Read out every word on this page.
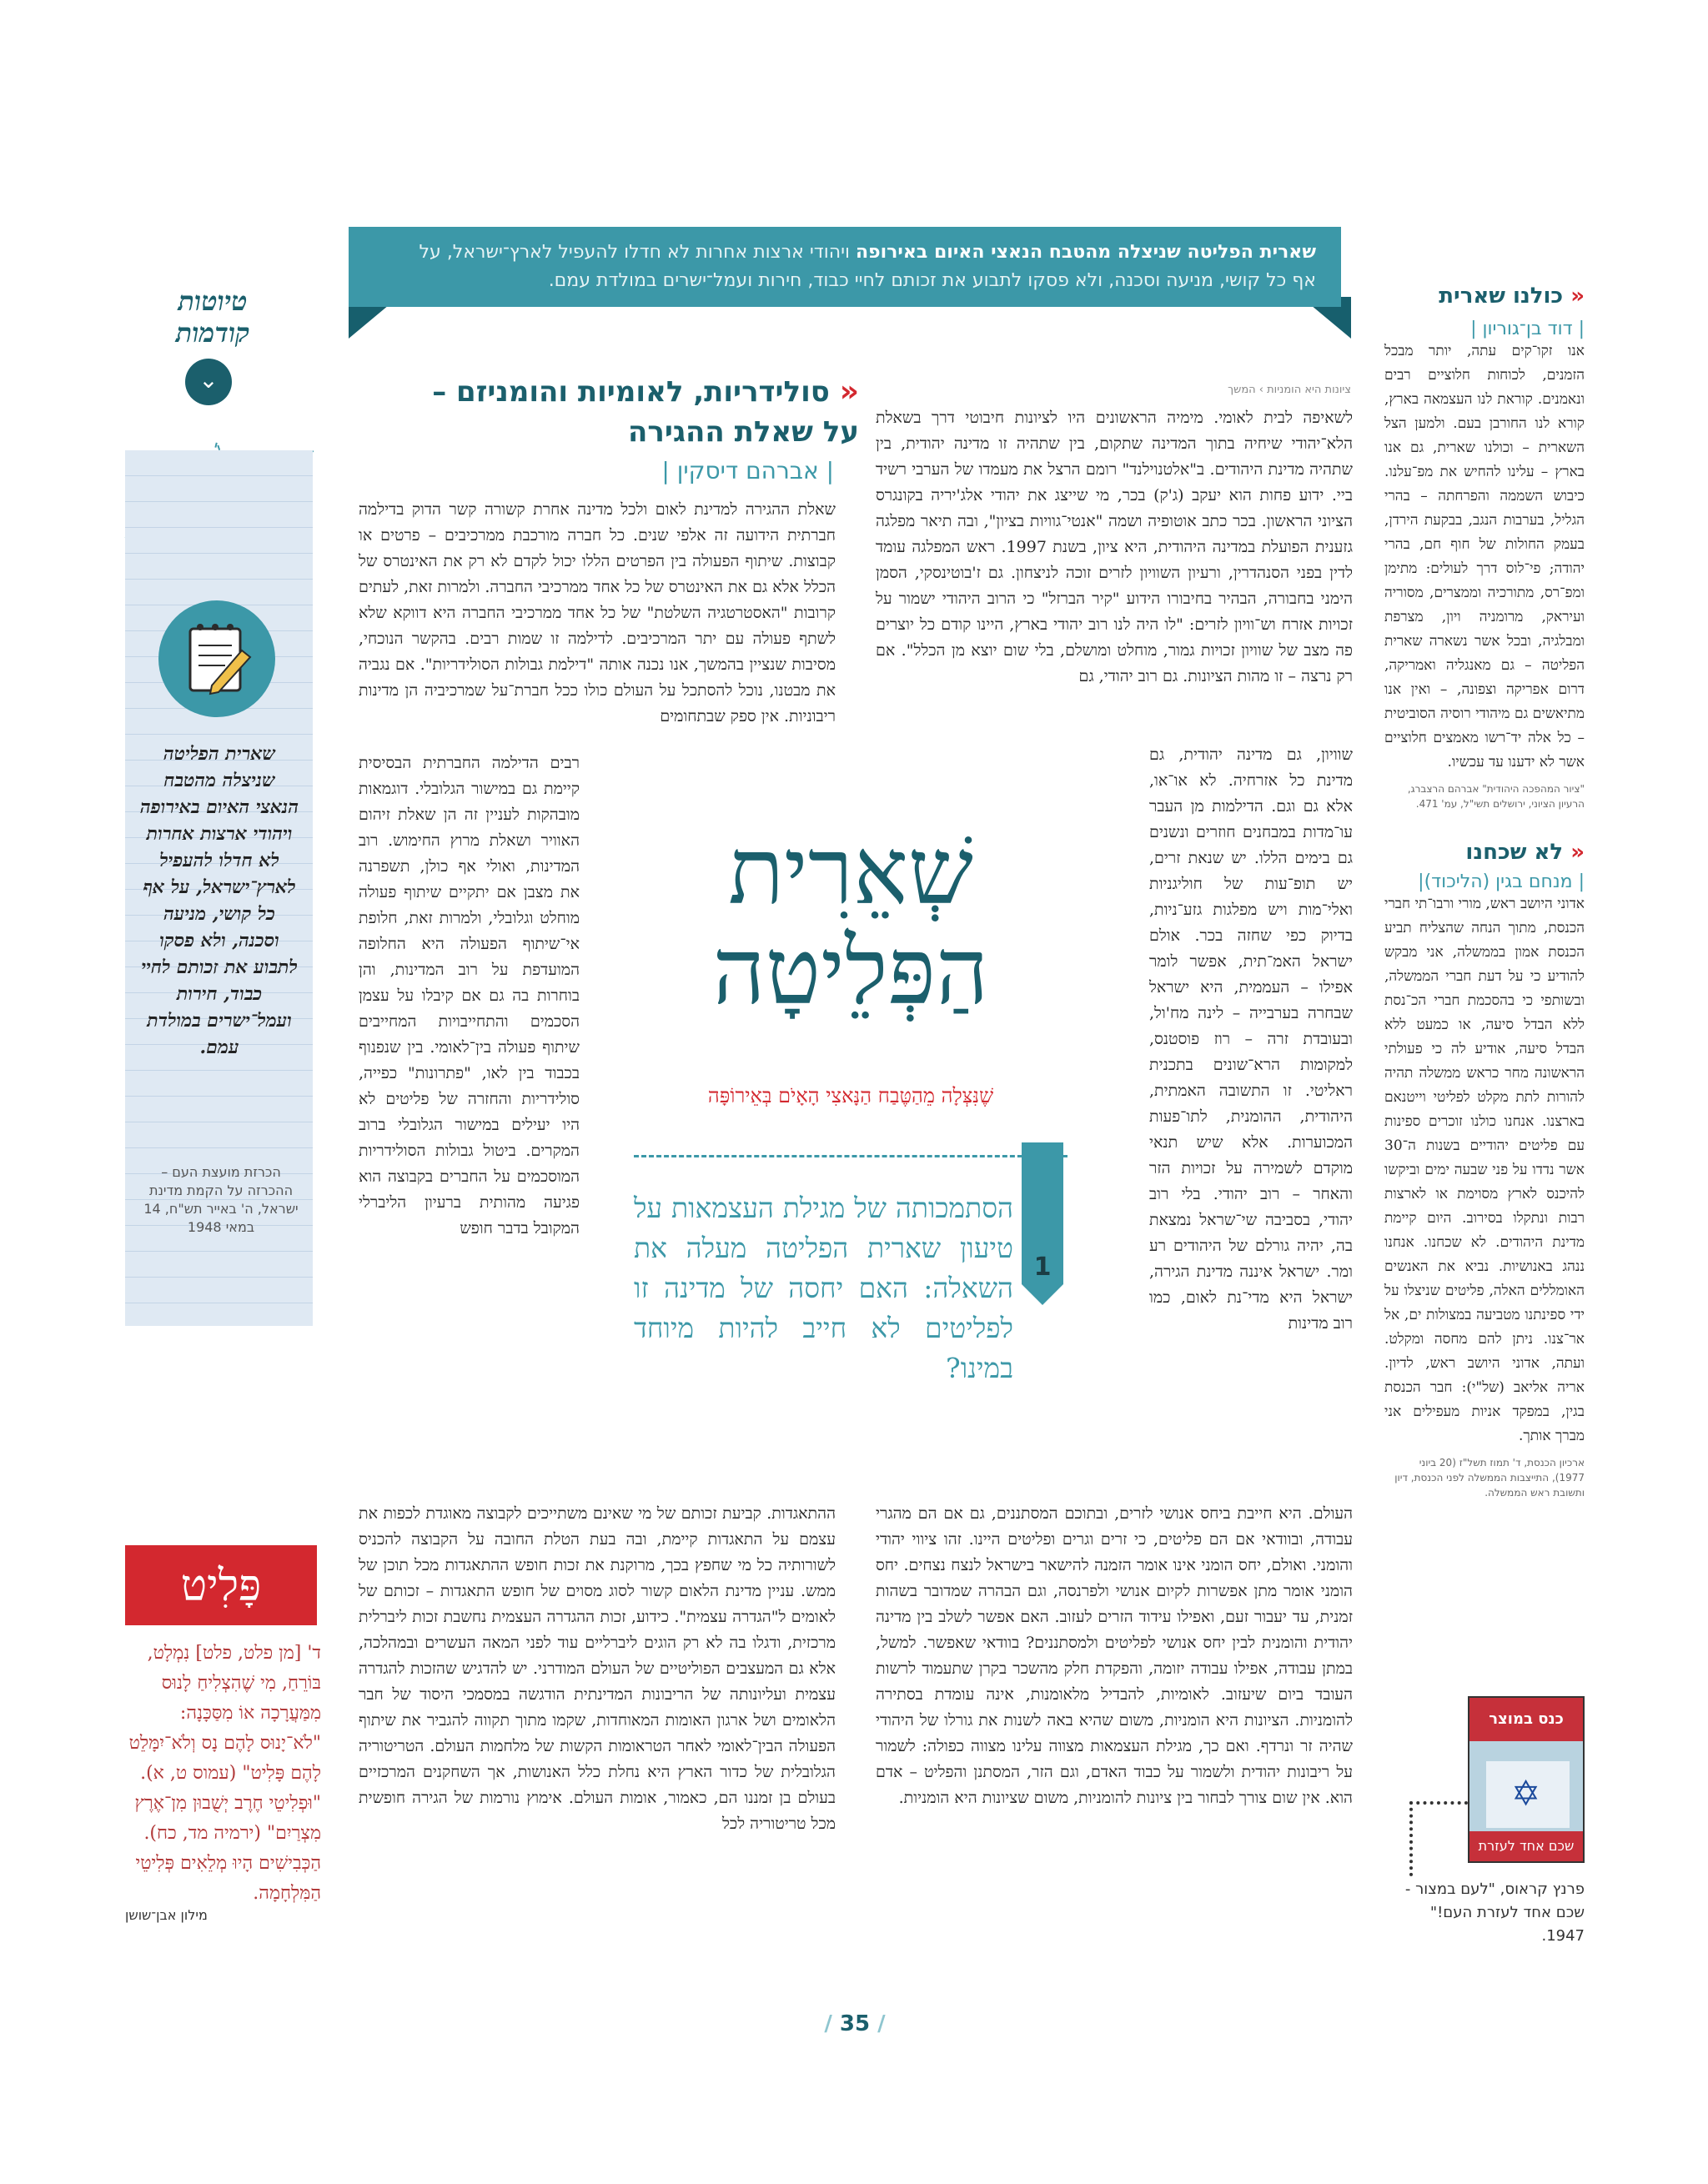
שארית הפליטה שניצלה מהטבח הנאצי האיום באירופה ויהודי ארצות אחרות לא חדלו להעפיל לארץ־ישראל, על
אף כל קושי, מניעה וסכנה, ולא פסקו לתבוע את זכותם לחיי כבוד, חירות ועמל־ישרים במולדת עמם.
טיוטות קודמות
⌄
שארית הפליטה שניצלה מהטבח הנאצי האיום באירופה ויהודי ארצות אחרות לא חדלו להעפיל לארץ־ישראל, על אף כל קושי, מניעה וסכנה, ולא פסקו לתבוע את זכותם לחיי כבוד, חירות ועמל־ישרים במולדת עמם.
הכרזת מועצת העם – ההכרזה על הקמת מדינת ישראל, ה' באייר תש"ח, 14 במאי 1948
פָּלִיט
ד' [מן פלט, פלט] נִמְלָט, בּוֹרֵחַ, מִי שֶׁהִצְלִיחַ לָנוּס מִמַּעֲרָכָה אוֹ מִסַּכָּנָה: "לֹא־יָנוּס לָהֶם נָס וְלֹא־יִמָּלֵט לָהֶם פָּלִיט" (עמוס ט, א). "וּפְלִיטֵי חֶרֶב יְשֻׁבוּן מִן־אֶרֶץ מִצְרַיִם" (ירמיה מד, כח). הַכְּבִישִׁים הָיוּ מְלֵאִים פְּלִיטֵי הַמִּלְחָמָה.
מילון אבן־שושן
« סולידריות, לאומיות והומניזם –
על שאלת ההגירה
| אברהם דיסקין |
שאלת ההגירה למדינת לאום ולכל מדינה אחרת קשורה קשר הדוק בדילמה חברתית הידועה זה אלפי שנים. כל חברה מורכבת ממרכיבים – פרטים או קבוצות. שיתוף הפעולה בין הפרטים הללו יכול לקדם לא רק את האינטרס של הכלל אלא גם את האינטרס של כל אחד ממרכיבי החברה. ולמרות זאת, לעתים קרובות "האסטרטגיה השלטת" של כל אחד ממרכיבי החברה היא דווקא שלא לשתף פעולה עם יתר המרכיבים. לדילמה זו שמות רבים. בהקשר הנוכחי, מסיבות שנציין בהמשך, אנו נכנה אותה "דילמת גבולות הסולידריות". אם נגביה את מבטנו, נוכל להסתכל על העולם כולו ככל חברת־על שמרכיביה הן מדינות ריבוניות. אין ספק שבתחומים
רבים הדילמה החברתית הבסיסית קיימת גם במישור הגלובלי. דוגמאות מובהקות לעניין זה הן שאלת זיהום האוויר ושאלת מרוץ החימוש. רוב המדינות, ואולי אף כולן, תשפרנה את מצבן אם יתקיים שיתוף פעולה מוחלט וגלובלי, ולמרות זאת, חלופת אי־שיתוף הפעולה היא החלופה המועדפת על רוב המדינות, והן בוחרות בה גם אם קיבלו על עצמן הסכמים והתחייבויות המחייבים שיתוף פעולה בין־לאומי. בין שנפנוף בכבוד בין לאו, "פתרונות" כפייה, סולידריות והחזרה של פליטים לא היו יעילים במישור הגלובלי ברוב המקרים. ביטול גבולות הסולידריות המוסכמים על החברים בקבוצה הוא פגיעה מהותית ברעיון הליברלי המקובל בדבר חופש
ההתאגדות. קביעת זכותם של מי שאינם משתייכים לקבוצה מאוגדת לכפות את עצמם על התאגדות קיימת, ובה בעת הטלת החובה על הקבוצה להכניס לשורותיה כל מי שחפץ בכך, מרוקנת את זכות חופש ההתאגדות מכל תוכן של ממש. עניין מדינת הלאום קשור לסוג מסוים של חופש התאגדות – זכותם של לאומים ל"הגדרה עצמית". כידוע, זכות ההגדרה העצמית נחשבת זכות ליברלית מרכזית, ודגלו בה לא רק הוגים ליברליים עוד לפני המאה העשרים ובמהלכה, אלא גם המעצבים הפוליטיים של העולם המודרני. יש להדגיש שהזכות להגדרה עצמית ועליונותה של הריבונות המדינתית הודגשה במסמכי היסוד של חבר הלאומים ושל ארגון האומות המאוחדות, שקמו מתוך תקווה להגביר את שיתוף הפעולה הבין־לאומי לאחר הטראומות הקשות של מלחמות העולם. הטריטוריה הגלובלית של כדור הארץ היא נחלת כלל האנושות, אך השחקנים המרכזיים בעולם בן זמננו הם, כאמור, אומות העולם. אימוץ נורמות של הגירה חופשית מכל טריטוריה לכל
שְׁאֵרִית
הַפְּלֵיטָה
שֶׁנִּצְּלָה מֵהַטֶּבַח הַנָּאצִי הָאָיֹם בְּאֵירוֹפָּה
1
הסתמכותה של מגילת העצמאות על טיעון שארית הפליטה מעלה את השאלה: האם יחסה של מדינה זו לפליטים לא חייב להיות מיוחד במינו?
ציונות היא הומניות › המשך
לשאיפה לבית לאומי. מימיה הראשונים היו לציונות חיבוטי דרך בשאלת הלא־יהודי שיחיה בתוך המדינה שתקום, בין שתהיה זו מדינה יהודית, בין שתהיה מדינת היהודים. ב"אלטנוילנד" רומם הרצל את מעמדו של הערבי רשיד ביי. ידוע פחות הוא יעקב (ג'ק) בכר, מי שייצג את יהודי אלג'יריה בקונגרס הציוני הראשון. בכר כתב אוטופיה ושמה "אנטי־גוויות בציון", ובה תיאר מפלגה גזענית הפועלת במדינה היהודית, היא ציון, בשנת 1997. ראש המפלגה עומד לדין בפני הסנהדרין, ורעיון השוויון לזרים זוכה לניצחון. גם ז'בוטינסקי, הסמן הימני בחבורה, הבהיר בחיבורו הידוע "קיר הברזל" כי הרוב היהודי ישמור על זכויות אזרח וש־וויון לזרים: "לו היה לנו רוב יהודי בארץ, היינו קודם כל יוצרים פה מצב של שוויון זכויות גמור, מוחלט ומושלם, בלי שום יוצא מן הכלל". אם רק נרצה – זו מהות הציונות. גם רוב יהודי, גם
שוויון, גם מדינה יהודית, גם מדינת כל אזרחיה. לא או־או, אלא גם וגם. הדילמות מן העבר עו־מדות במבחנים חוזרים ונשנים גם בימים הללו. יש שנאת זרים, יש תופ־עות של חוליגניות ואלי־מות ויש מפלגות גזע־ניות, בדיוק כפי שחזה בכר. אולם ישראל האמ־תית, אפשר לומר אפילו – העממית, היא ישראל שבחרה בערבייה – לינה מח'ול, ובעובדת זרה – רוז פוסטנס, למקומות הרא־שונים בתכנית ראליטי. זו התשובה האמתית, היהודית, ההומנית, לתו־פעות המכוערות. אלא שיש תנאי מוקדם לשמירה על זכויות הזר והאחר – רוב יהודי. בלי רוב יהודי, בסביבה שי־שראל נמצאת בה, יהיה גורלם של היהודים רע ומר. ישראל איננה מדינת הגירה, ישראל היא מדי־נת לאום, כמו רוב מדינות
העולם. היא חייבת ביחס אנושי לזרים, ובתוכם המסתננים, גם אם הם מהגרי עבודה, ובוודאי אם הם פליטים, כי זרים וגרים ופליטים היינו. זהו ציווי יהודי והומני. ואולם, יחס הומני אינו אומר הזמנה להישאר בישראל לנצח נצחים. יחס הומני אומר מתן אפשרות לקיום אנושי ולפרנסה, וגם הבהרה שמדובר בשהות זמנית, עד יעבור זעם, ואפילו עידוד הזרים לעזוב. האם אפשר לשלב בין מדינה יהודית והומנית לבין יחס אנושי לפליטים ולמסתננים? בוודאי שאפשר. למשל, במתן עבודה, אפילו עבודה יזומה, והפקדת חלק מהשכר בקרן שתעמוד לרשות העובד ביום שיעזוב. לאומיות, להבדיל מלאומנות, אינה עומדת בסתירה להומניות. הציונות היא הומניות, משום שהיא באה לשנות את גורלו של היהודי שהיה זר ונרדף. ואם כך, מגילת העצמאות מצווה עלינו מצווה כפולה: לשמור על ריבונות יהודית ולשמור על כבוד האדם, וגם הזר, המסתנן והפליט – אדם הוא. אין שום צורך לבחור בין ציונות להומניות, משום שציונות היא הומניות.
« כולנו שארית
| דוד בן־גוריון |
אנו זקו־קים עתה, יותר מבכל הזמנים, לכוחות חלוציים רבים ונאמנים. קוראת לנו העצמאה בארץ, קורא לנו החורבן בעם. ולמען הצל השארית – וכולנו שארית, גם אנו בארץ – עלינו להחיש את מפ־עלנו. כיבוש השממה והפרחתה – בהרי הגליל, בערבות הנגב, בבקעת הירדן, בעמק החולות של חוף חם, בהרי יהודה; פי־לוס דרך לעולים: מתימן ומפ־רס, מתורכיה וממצרים, מסוריה ועיראק, מרומניה ויון, מצרפת ומבלגיה, ובכל אשר נשארה שארית הפליטה – גם מאנגליה ואמריקה, דרום אפריקה וצפונה, – ואין אנו מתיאשים גם מיהודי רוסיה הסוביטית – כל אלה יד־רשו מאמצים חלוציים אשר לא ידענו עד עכשיו.
"ציור המהפכה היהודית" אברהם הרצברג, הרעיון הציוני, ירושלים תשי"ל, עמ' 471.
« לא שכחנו
| מנחם בגין (הליכוד)|
אדוני היושב ראש, מורי ורבו־תי חברי הכנסת, מתוך הנחה שהצליח תביע הכנסת אמון בממשלה, אני מבקש להודיע כי על דעת חברי הממשלה, ובשותפי כי בהסכמת חברי הכ־נסת ללא הבדל סיעה, או כמעט ללא הבדל סיעה, אודיע לה כי פעולתי הראשונה מחר כראש ממשלה תהיה להורות לתת מקלט לפליטי וייטנאם בארצנו. אנחנו כולנו זוכרים ספינות עם פליטים יהודיים בשנות ה־30 אשר נדדו על פני שבעה ימים וביקשו להיכנס לארץ מסוימת או לארצות רבות ונתקלו בסירוב. היום קיימת מדינת היהודים. לא שכחנו. אנחנו ננהג באנושיות. נביא את האנשים האומללים האלה, פליטים שניצלו על ידי ספינתנו מטביעה במצולות ים, אל אר־צנו. ניתן להם מחסה ומקלט. ועתה, אדוני היושב ראש, לדיון. אריה אליאב (של"י): חבר הכנסת בגין, במפקד אניות מעפילים אני מברך אותך.
ארכיון הכנסת, ד' תמוז תשל"ז (20 ביוני 1977), התייצבות הממשלה לפני הכנסת, דיון ותשובת ראש הממשלה.
כנס במוצר
✡
שכם אחד לעזרת העם
פרנץ קראוס, "לעם במצור - שכם אחד לעזרת העם!" 1947.
/ 35 /
